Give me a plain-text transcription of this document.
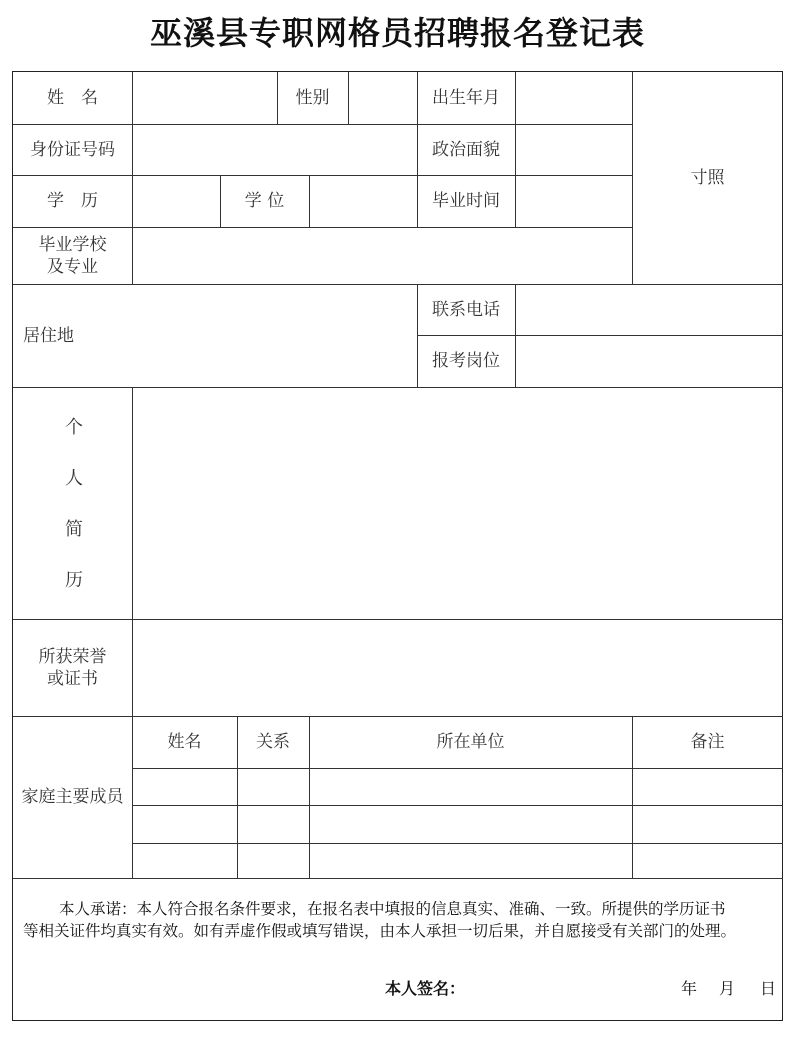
巫溪县专职网格员招聘报名登记表
姓　名	性别	出生年月
寸照
身份证号码	政治面貌
学　历	学 位	毕业时间
毕业学校
及专业
居住地
联系电话
报考岗位
个
人
简
历
所获荣誉
或证书
家庭主要成员
姓名	关系	所在单位	备注
本人承诺：本人符合报名条件要求，在报名表中填报的信息真实、准确、一致。所提供的学历证书
等相关证件均真实有效。如有弄虚作假或填写错误，由本人承担一切后果，并自愿接受有关部门的处理。
本人签名：	年 月 日
